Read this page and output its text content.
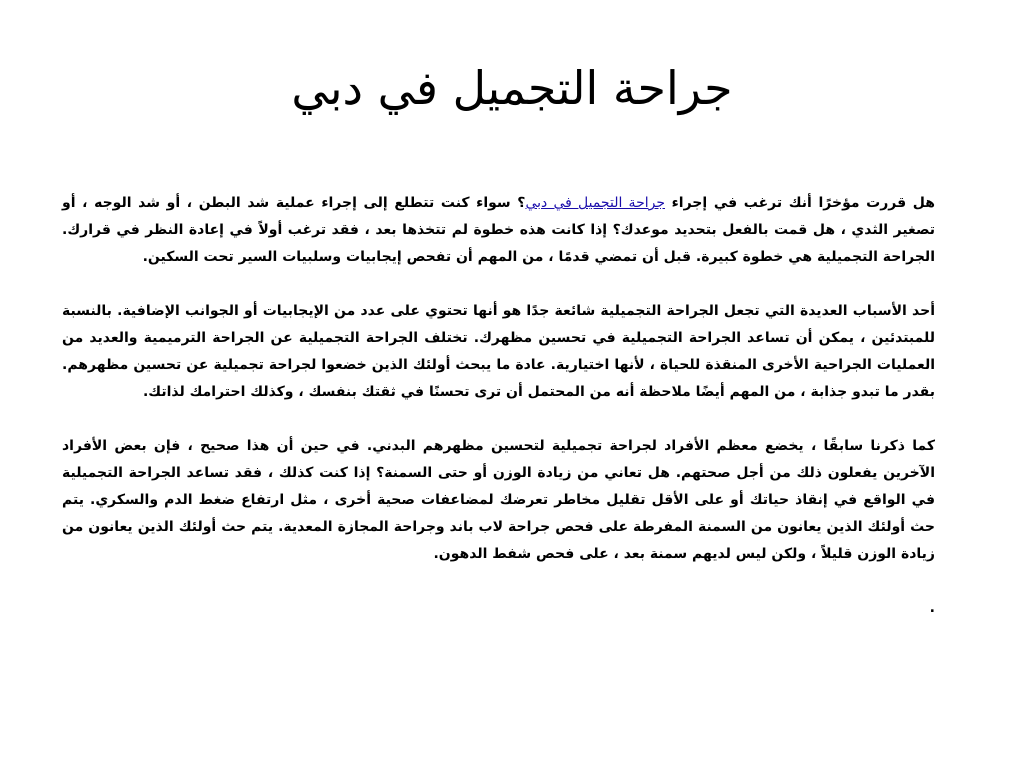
جراحة التجميل في دبي

هل قررت مؤخرًا أنك ترغب في إجراء جراحة التجميل في دبي؟ سواء كنت تتطلع إلى إجراء عملية شد البطن ، أو شد الوجه ، أو تصغير الثدي ، هل قمت بالفعل بتحديد موعدك؟ إذا كانت هذه خطوة لم تتخذها بعد ، فقد ترغب أولاً في إعادة النظر في قرارك. الجراحة التجميلية هي خطوة كبيرة. قبل أن تمضي قدمًا ، من المهم أن تفحص إيجابيات وسلبيات السير تحت السكين.

أحد الأسباب العديدة التي تجعل الجراحة التجميلية شائعة جدًا هو أنها تحتوي على عدد من الإيجابيات أو الجوانب الإضافية. بالنسبة للمبتدئين ، يمكن أن تساعد الجراحة التجميلية في تحسين مظهرك. تختلف الجراحة التجميلية عن الجراحة الترميمية والعديد من العمليات الجراحية الأخرى المنقذة للحياة ، لأنها اختيارية. عادة ما يبحث أولئك الذين خضعوا لجراحة تجميلية عن تحسين مظهرهم. بقدر ما تبدو جذابة ، من المهم أيضًا ملاحظة أنه من المحتمل أن ترى تحسنًا في ثقتك بنفسك ، وكذلك احترامك لذاتك.

كما ذكرنا سابقًا ، يخضع معظم الأفراد لجراحة تجميلية لتحسين مظهرهم البدني. في حين أن هذا صحيح ، فإن بعض الأفراد الآخرين يفعلون ذلك من أجل صحتهم. هل تعاني من زيادة الوزن أو حتى السمنة؟ إذا كنت كذلك ، فقد تساعد الجراحة التجميلية في الواقع في إنقاذ حياتك أو على الأقل تقليل مخاطر تعرضك لمضاعفات صحية أخرى ، مثل ارتفاع ضغط الدم والسكري. يتم حث أولئك الذين يعانون من السمنة المفرطة على فحص جراحة لاب باند وجراحة المجازة المعدية. يتم حث أولئك الذين يعانون من زيادة الوزن قليلاً ، ولكن ليس لديهم سمنة بعد ، على فحص شفط الدهون.

.
